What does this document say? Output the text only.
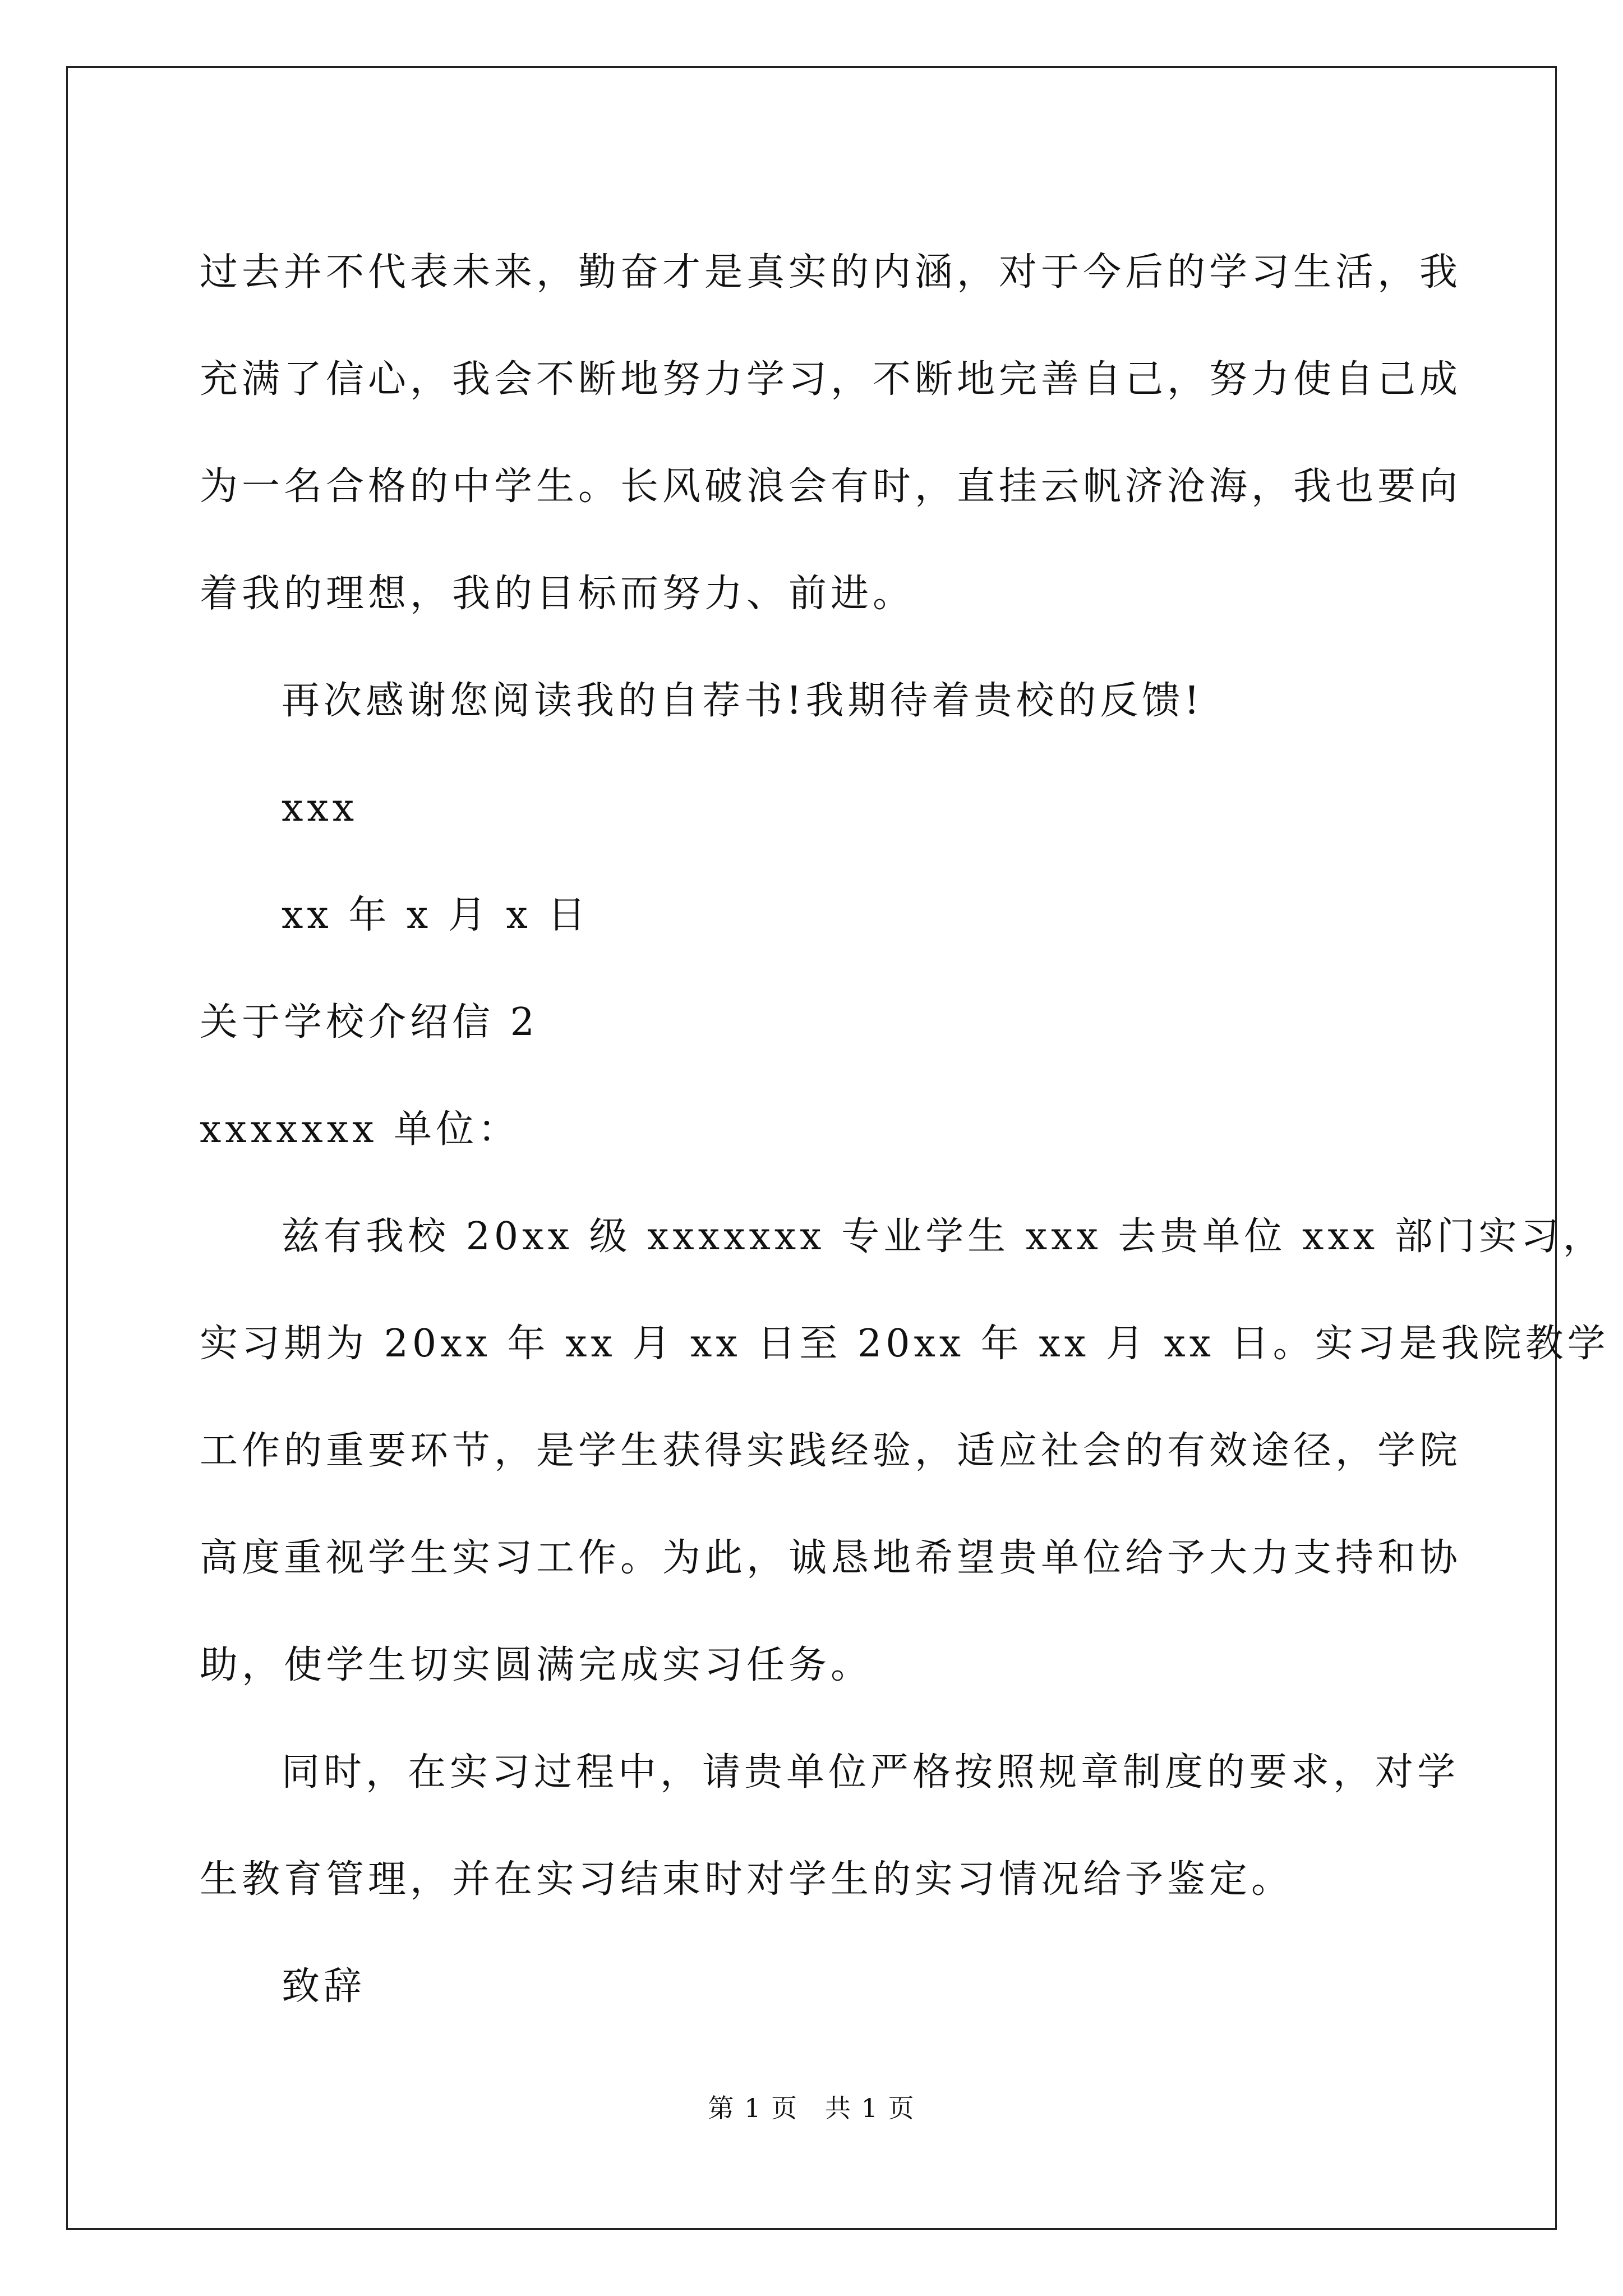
过去并不代表未来，勤奋才是真实的内涵，对于今后的学习生活，我
充满了信心，我会不断地努力学习，不断地完善自己，努力使自己成
为一名合格的中学生。长风破浪会有时，直挂云帆济沧海，我也要向
着我的理想，我的目标而努力、前进。

再次感谢您阅读我的自荐书!我期待着贵校的反馈!

xxx

xx 年 x 月 x 日

关于学校介绍信 2

xxxxxxx 单位：

兹有我校 20xx 级 xxxxxxx 专业学生 xxx 去贵单位 xxx 部门实习，
实习期为 20xx 年 xx 月 xx 日至 20xx 年 xx 月 xx 日。实习是我院教学
工作的重要环节，是学生获得实践经验，适应社会的有效途径，学院
高度重视学生实习工作。为此，诚恳地希望贵单位给予大力支持和协
助，使学生切实圆满完成实习任务。

同时，在实习过程中，请贵单位严格按照规章制度的要求，对学
生教育管理，并在实习结束时对学生的实习情况给予鉴定。

致辞

第 1 页　共 1 页
